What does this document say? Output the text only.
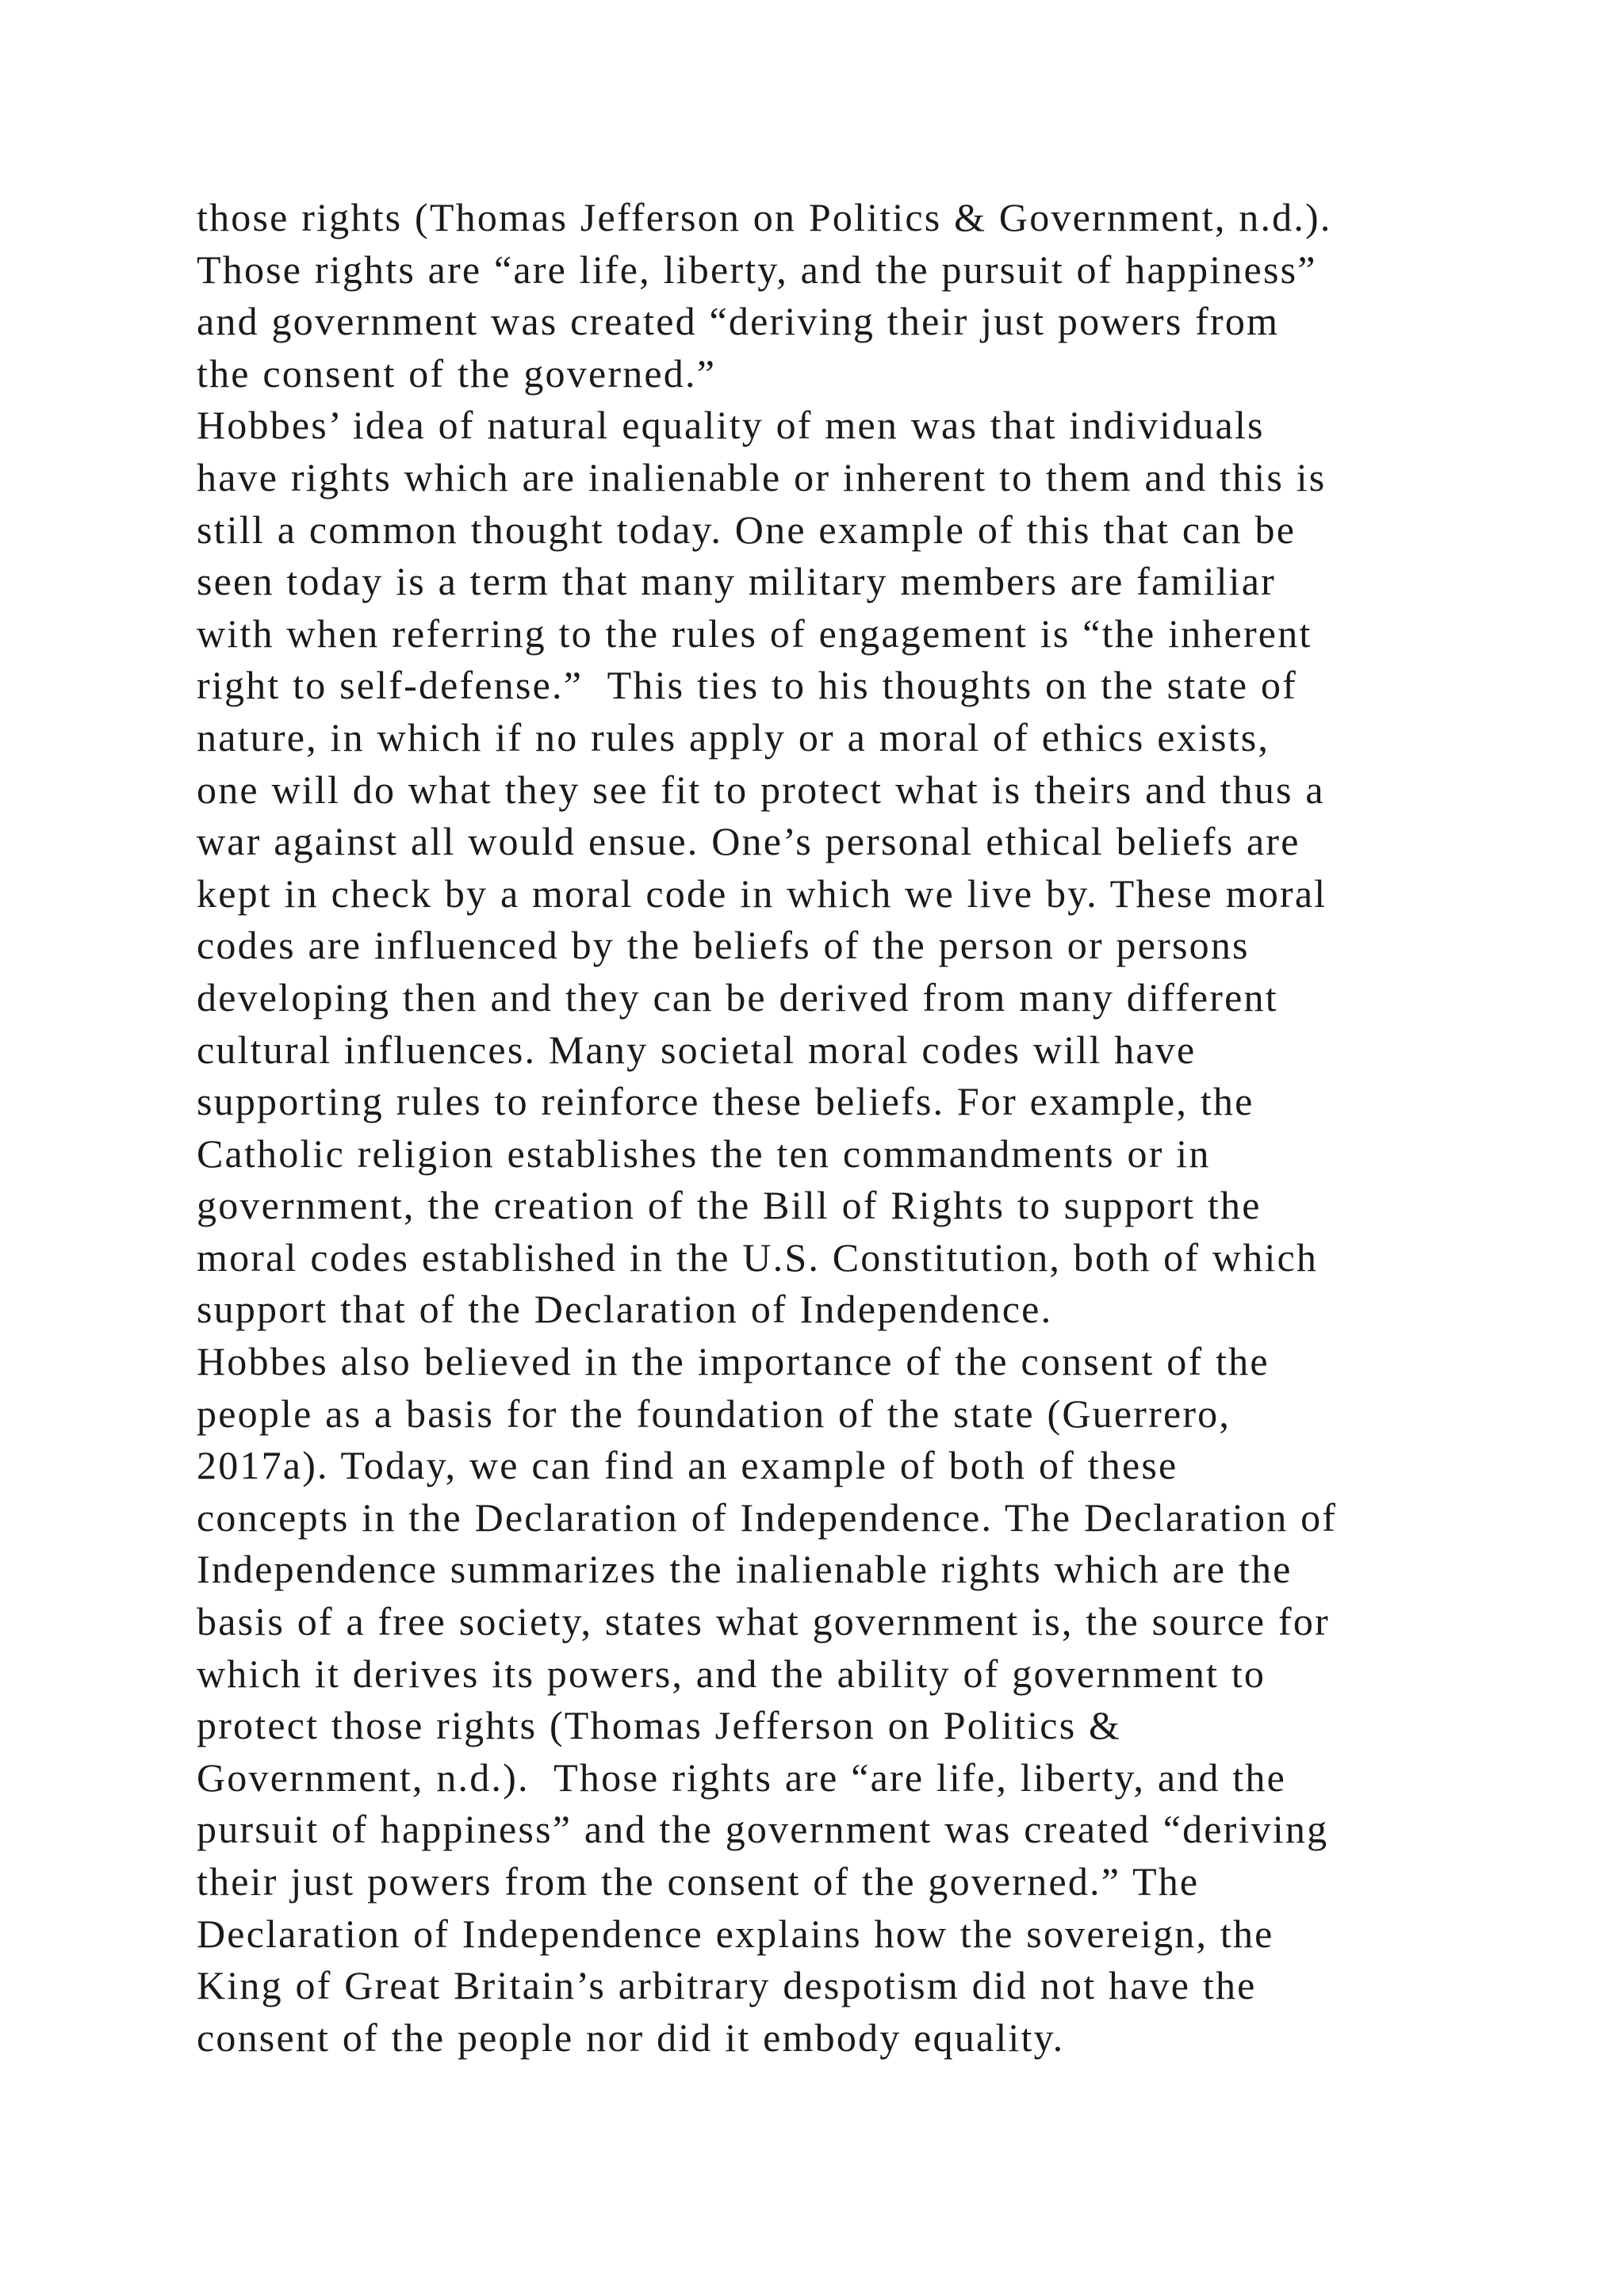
those rights (Thomas Jefferson on Politics & Government, n.d.).
Those rights are “are life, liberty, and the pursuit of happiness”
and government was created “deriving their just powers from
the consent of the governed.”
Hobbes’ idea of natural equality of men was that individuals
have rights which are inalienable or inherent to them and this is
still a common thought today. One example of this that can be
seen today is a term that many military members are familiar
with when referring to the rules of engagement is “the inherent
right to self-defense.”  This ties to his thoughts on the state of
nature, in which if no rules apply or a moral of ethics exists,
one will do what they see fit to protect what is theirs and thus a
war against all would ensue. One’s personal ethical beliefs are
kept in check by a moral code in which we live by. These moral
codes are influenced by the beliefs of the person or persons
developing then and they can be derived from many different
cultural influences. Many societal moral codes will have
supporting rules to reinforce these beliefs. For example, the
Catholic religion establishes the ten commandments or in
government, the creation of the Bill of Rights to support the
moral codes established in the U.S. Constitution, both of which
support that of the Declaration of Independence.
Hobbes also believed in the importance of the consent of the
people as a basis for the foundation of the state (Guerrero,
2017a). Today, we can find an example of both of these
concepts in the Declaration of Independence. The Declaration of
Independence summarizes the inalienable rights which are the
basis of a free society, states what government is, the source for
which it derives its powers, and the ability of government to
protect those rights (Thomas Jefferson on Politics &
Government, n.d.).  Those rights are “are life, liberty, and the
pursuit of happiness” and the government was created “deriving
their just powers from the consent of the governed.” The
Declaration of Independence explains how the sovereign, the
King of Great Britain’s arbitrary despotism did not have the
consent of the people nor did it embody equality.
